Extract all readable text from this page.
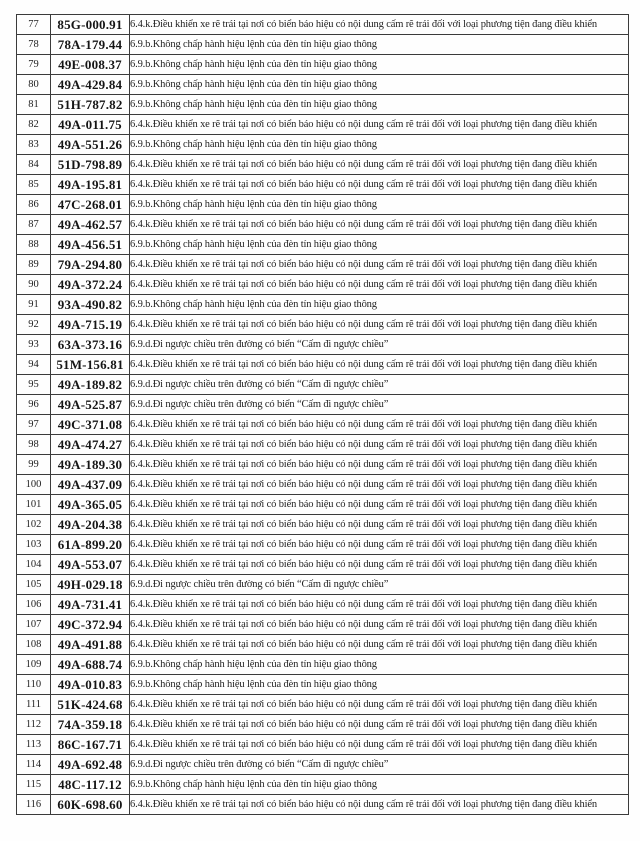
77	85G-000.91	6.4.k.Điều khiển xe rẽ trái tại nơi có biển báo hiệu có nội dung cấm rẽ trái đối với loại phương tiện đang điều khiển
78	78A-179.44	6.9.b.Không chấp hành hiệu lệnh của đèn tín hiệu giao thông
79	49E-008.37	6.9.b.Không chấp hành hiệu lệnh của đèn tín hiệu giao thông
80	49A-429.84	6.9.b.Không chấp hành hiệu lệnh của đèn tín hiệu giao thông
81	51H-787.82	6.9.b.Không chấp hành hiệu lệnh của đèn tín hiệu giao thông
82	49A-011.75	6.4.k.Điều khiển xe rẽ trái tại nơi có biển báo hiệu có nội dung cấm rẽ trái đối với loại phương tiện đang điều khiển
83	49A-551.26	6.9.b.Không chấp hành hiệu lệnh của đèn tín hiệu giao thông
84	51D-798.89	6.4.k.Điều khiển xe rẽ trái tại nơi có biển báo hiệu có nội dung cấm rẽ trái đối với loại phương tiện đang điều khiển
85	49A-195.81	6.4.k.Điều khiển xe rẽ trái tại nơi có biển báo hiệu có nội dung cấm rẽ trái đối với loại phương tiện đang điều khiển
86	47C-268.01	6.9.b.Không chấp hành hiệu lệnh của đèn tín hiệu giao thông
87	49A-462.57	6.4.k.Điều khiển xe rẽ trái tại nơi có biển báo hiệu có nội dung cấm rẽ trái đối với loại phương tiện đang điều khiển
88	49A-456.51	6.9.b.Không chấp hành hiệu lệnh của đèn tín hiệu giao thông
89	79A-294.80	6.4.k.Điều khiển xe rẽ trái tại nơi có biển báo hiệu có nội dung cấm rẽ trái đối với loại phương tiện đang điều khiển
90	49A-372.24	6.4.k.Điều khiển xe rẽ trái tại nơi có biển báo hiệu có nội dung cấm rẽ trái đối với loại phương tiện đang điều khiển
91	93A-490.82	6.9.b.Không chấp hành hiệu lệnh của đèn tín hiệu giao thông
92	49A-715.19	6.4.k.Điều khiển xe rẽ trái tại nơi có biển báo hiệu có nội dung cấm rẽ trái đối với loại phương tiện đang điều khiển
93	63A-373.16	6.9.d.Đi ngược chiều trên đường có biển “Cấm đi ngược chiều”
94	51M-156.81	6.4.k.Điều khiển xe rẽ trái tại nơi có biển báo hiệu có nội dung cấm rẽ trái đối với loại phương tiện đang điều khiển
95	49A-189.82	6.9.d.Đi ngược chiều trên đường có biển “Cấm đi ngược chiều”
96	49A-525.87	6.9.d.Đi ngược chiều trên đường có biển “Cấm đi ngược chiều”
97	49C-371.08	6.4.k.Điều khiển xe rẽ trái tại nơi có biển báo hiệu có nội dung cấm rẽ trái đối với loại phương tiện đang điều khiển
98	49A-474.27	6.4.k.Điều khiển xe rẽ trái tại nơi có biển báo hiệu có nội dung cấm rẽ trái đối với loại phương tiện đang điều khiển
99	49A-189.30	6.4.k.Điều khiển xe rẽ trái tại nơi có biển báo hiệu có nội dung cấm rẽ trái đối với loại phương tiện đang điều khiển
100	49A-437.09	6.4.k.Điều khiển xe rẽ trái tại nơi có biển báo hiệu có nội dung cấm rẽ trái đối với loại phương tiện đang điều khiển
101	49A-365.05	6.4.k.Điều khiển xe rẽ trái tại nơi có biển báo hiệu có nội dung cấm rẽ trái đối với loại phương tiện đang điều khiển
102	49A-204.38	6.4.k.Điều khiển xe rẽ trái tại nơi có biển báo hiệu có nội dung cấm rẽ trái đối với loại phương tiện đang điều khiển
103	61A-899.20	6.4.k.Điều khiển xe rẽ trái tại nơi có biển báo hiệu có nội dung cấm rẽ trái đối với loại phương tiện đang điều khiển
104	49A-553.07	6.4.k.Điều khiển xe rẽ trái tại nơi có biển báo hiệu có nội dung cấm rẽ trái đối với loại phương tiện đang điều khiển
105	49H-029.18	6.9.d.Đi ngược chiều trên đường có biển “Cấm đi ngược chiều”
106	49A-731.41	6.4.k.Điều khiển xe rẽ trái tại nơi có biển báo hiệu có nội dung cấm rẽ trái đối với loại phương tiện đang điều khiển
107	49C-372.94	6.4.k.Điều khiển xe rẽ trái tại nơi có biển báo hiệu có nội dung cấm rẽ trái đối với loại phương tiện đang điều khiển
108	49A-491.88	6.4.k.Điều khiển xe rẽ trái tại nơi có biển báo hiệu có nội dung cấm rẽ trái đối với loại phương tiện đang điều khiển
109	49A-688.74	6.9.b.Không chấp hành hiệu lệnh của đèn tín hiệu giao thông
110	49A-010.83	6.9.b.Không chấp hành hiệu lệnh của đèn tín hiệu giao thông
111	51K-424.68	6.4.k.Điều khiển xe rẽ trái tại nơi có biển báo hiệu có nội dung cấm rẽ trái đối với loại phương tiện đang điều khiển
112	74A-359.18	6.4.k.Điều khiển xe rẽ trái tại nơi có biển báo hiệu có nội dung cấm rẽ trái đối với loại phương tiện đang điều khiển
113	86C-167.71	6.4.k.Điều khiển xe rẽ trái tại nơi có biển báo hiệu có nội dung cấm rẽ trái đối với loại phương tiện đang điều khiển
114	49A-692.48	6.9.d.Đi ngược chiều trên đường có biển “Cấm đi ngược chiều”
115	48C-117.12	6.9.b.Không chấp hành hiệu lệnh của đèn tín hiệu giao thông
116	60K-698.60	6.4.k.Điều khiển xe rẽ trái tại nơi có biển báo hiệu có nội dung cấm rẽ trái đối với loại phương tiện đang điều khiển
